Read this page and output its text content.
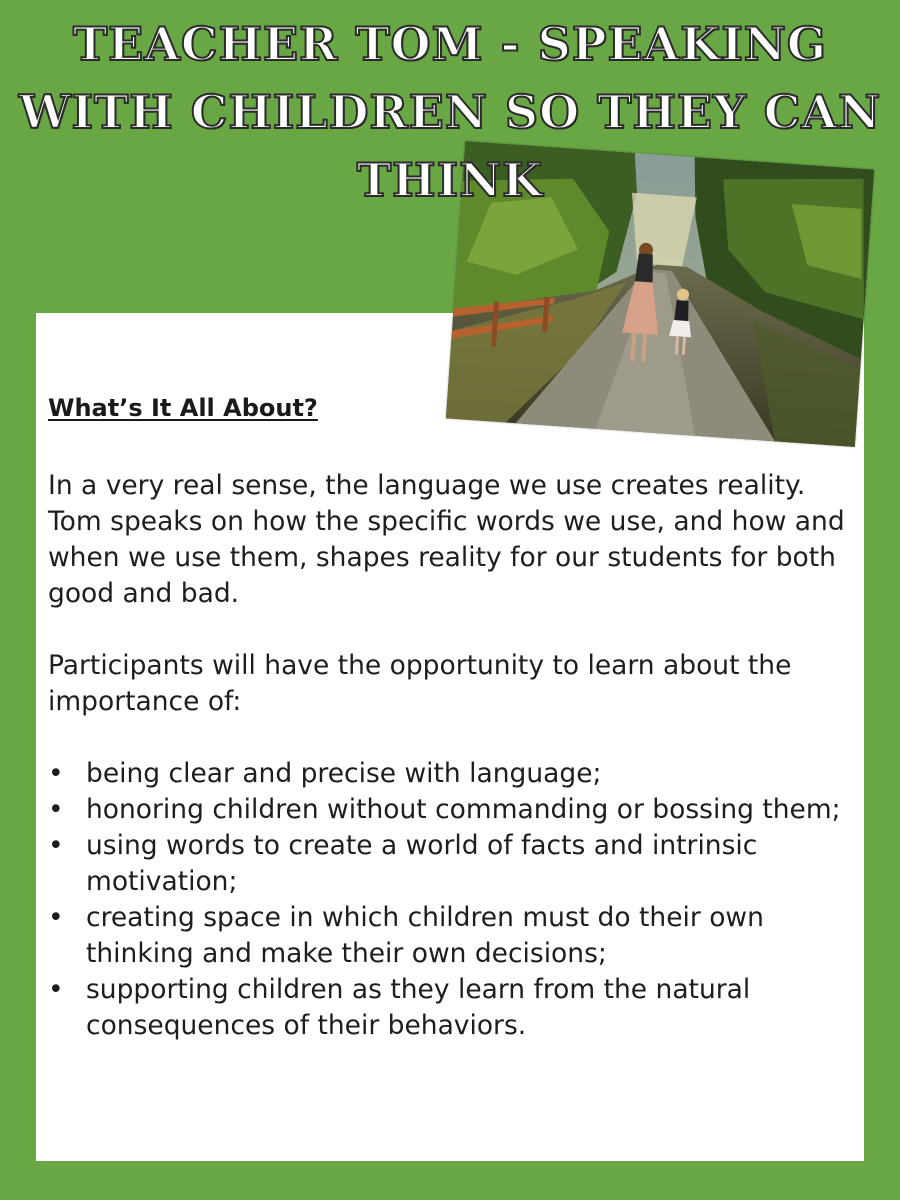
TEACHER TOM - SPEAKING WITH CHILDREN SO THEY CAN THINK

What’s It All About?

In a very real sense, the language we use creates reality. Tom speaks on how the specific words we use, and how and when we use them, shapes reality for our students for both good and bad.

Participants will have the opportunity to learn about the importance of:

• being clear and precise with language;
• honoring children without commanding or bossing them;
• using words to create a world of facts and intrinsic motivation;
• creating space in which children must do their own thinking and make their own decisions;
• supporting children as they learn from the natural consequences of their behaviors.
